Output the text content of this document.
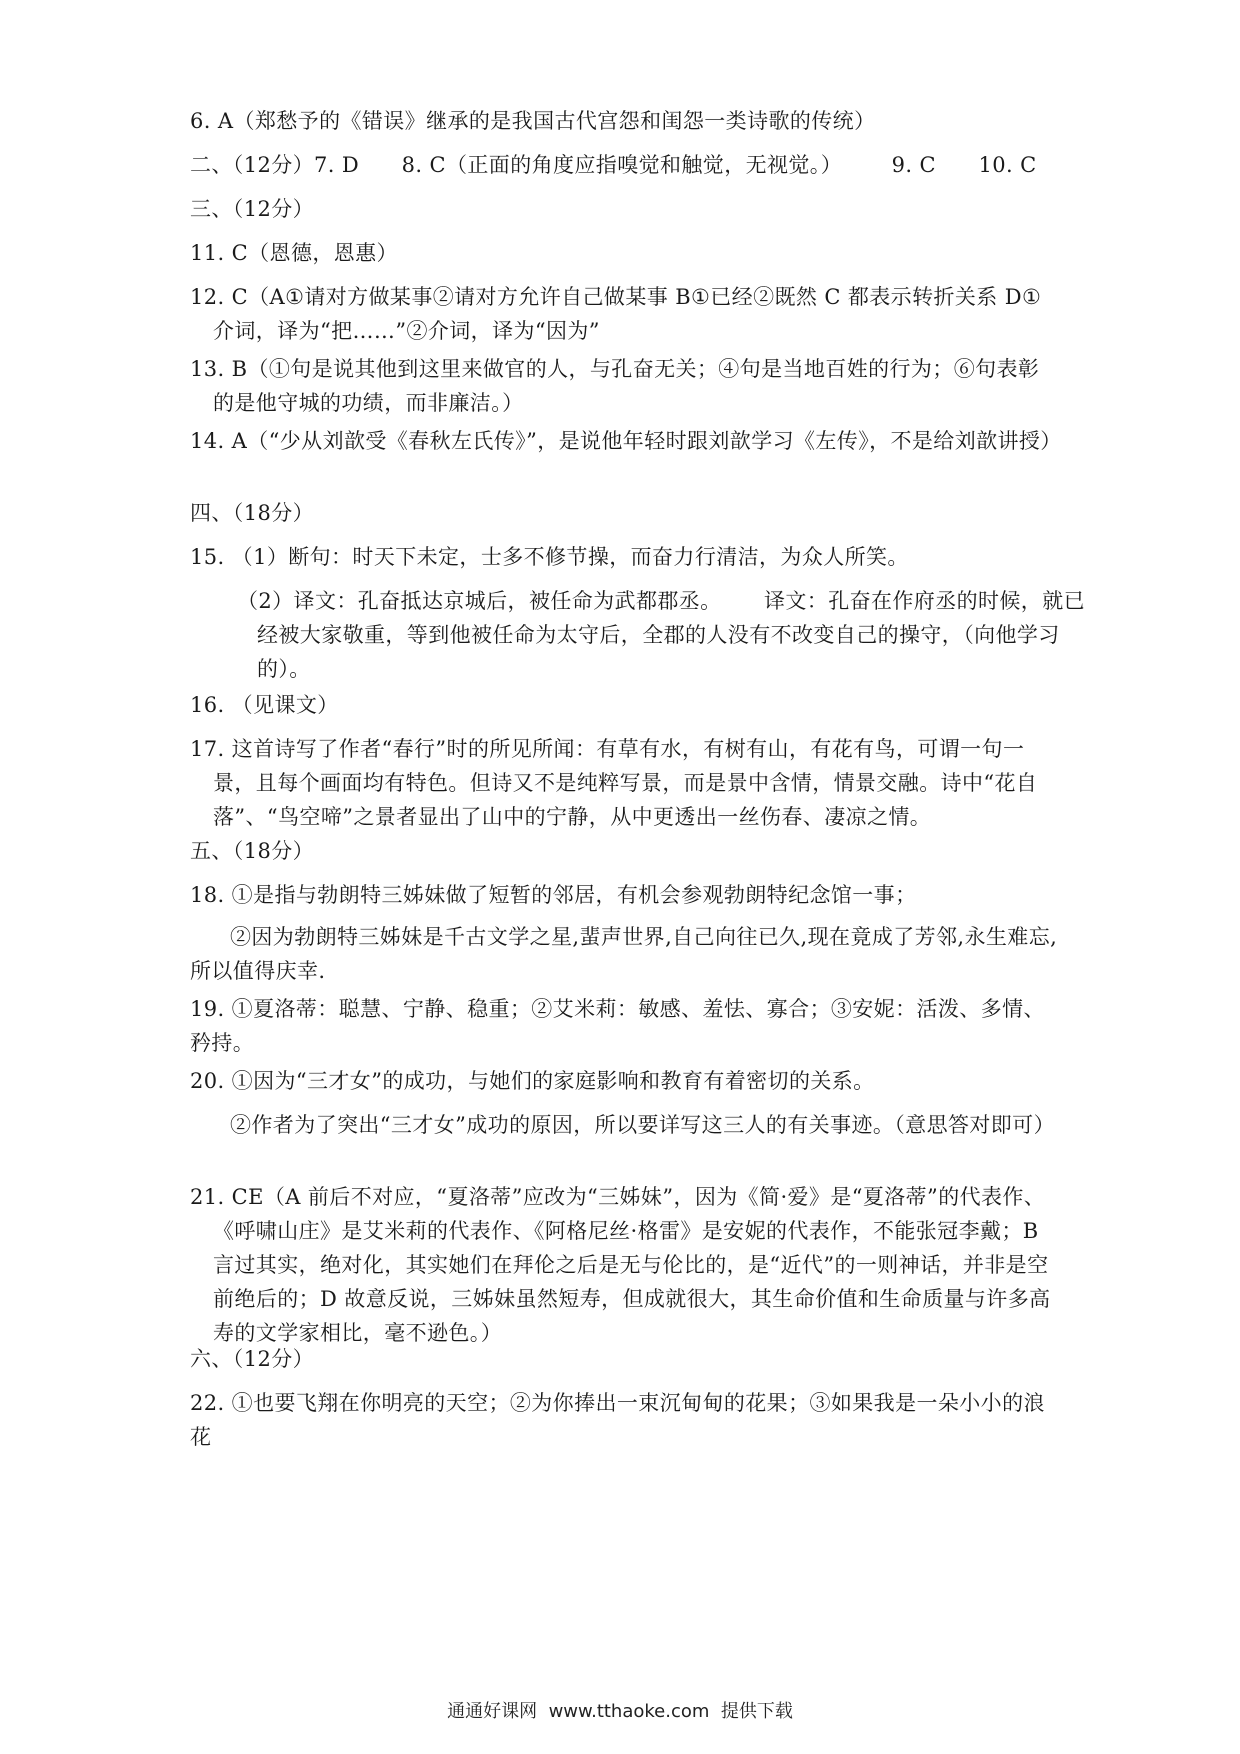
6. A（郑愁予的《错误》继承的是我国古代宫怨和闺怨一类诗歌的传统）
二、（12分）7. D      8. C（正面的角度应指嗅觉和触觉，无视觉。）       9. C      10. C
三、（12分）
11. C（恩德，恩惠）
12. C（A①请对方做某事②请对方允许自己做某事 B①已经②既然 C 都表示转折关系 D①介词，译为“把……”②介词，译为“因为”
13. B（①句是说其他到这里来做官的人，与孔奋无关；④句是当地百姓的行为；⑥句表彰的是他守城的功绩，而非廉洁。）
14. A（“少从刘歆受《春秋左氏传》”，是说他年轻时跟刘歆学习《左传》，不是给刘歆讲授）
四、（18分）
15. （1）断句：时天下未定，士多不修节操，而奋力行清洁，为众人所笑。
（2）译文：孔奋抵达京城后，被任命为武都郡丞。      译文：孔奋在作府丞的时候，就已经被大家敬重，等到他被任命为太守后，全郡的人没有不改变自己的操守，（向他学习的）。
16. （见课文）
17. 这首诗写了作者“春行”时的所见所闻：有草有水，有树有山，有花有鸟，可谓一句一景，且每个画面均有特色。但诗又不是纯粹写景，而是景中含情，情景交融。诗中“花自落”、“鸟空啼”之景者显出了山中的宁静，从中更透出一丝伤春、凄凉之情。
五、（18分）
18. ①是指与勃朗特三姊妹做了短暂的邻居，有机会参观勃朗特纪念馆一事；
②因为勃朗特三姊妹是千古文学之星,蜚声世界,自己向往已久,现在竟成了芳邻,永生难忘,所以值得庆幸.
19. ①夏洛蒂：聪慧、宁静、稳重；②艾米莉：敏感、羞怯、寡合；③安妮：活泼、多情、矜持。
20. ①因为“三才女”的成功，与她们的家庭影响和教育有着密切的关系。
②作者为了突出“三才女”成功的原因，所以要详写这三人的有关事迹。（意思答对即可）
21. CE（A 前后不对应，“夏洛蒂”应改为“三姊妹”，因为《简·爱》是“夏洛蒂”的代表作、《呼啸山庄》是艾米莉的代表作、《阿格尼丝·格雷》是安妮的代表作，不能张冠李戴；B 言过其实，绝对化，其实她们在拜伦之后是无与伦比的，是“近代”的一则神话，并非是空前绝后的；D 故意反说，三姊妹虽然短寿，但成就很大，其生命价值和生命质量与许多高寿的文学家相比，毫不逊色。）
六、（12分）
22. ①也要飞翔在你明亮的天空；②为你捧出一束沉甸甸的花果；③如果我是一朵小小的浪花
通通好课网  www.tthaoke.com  提供下载
